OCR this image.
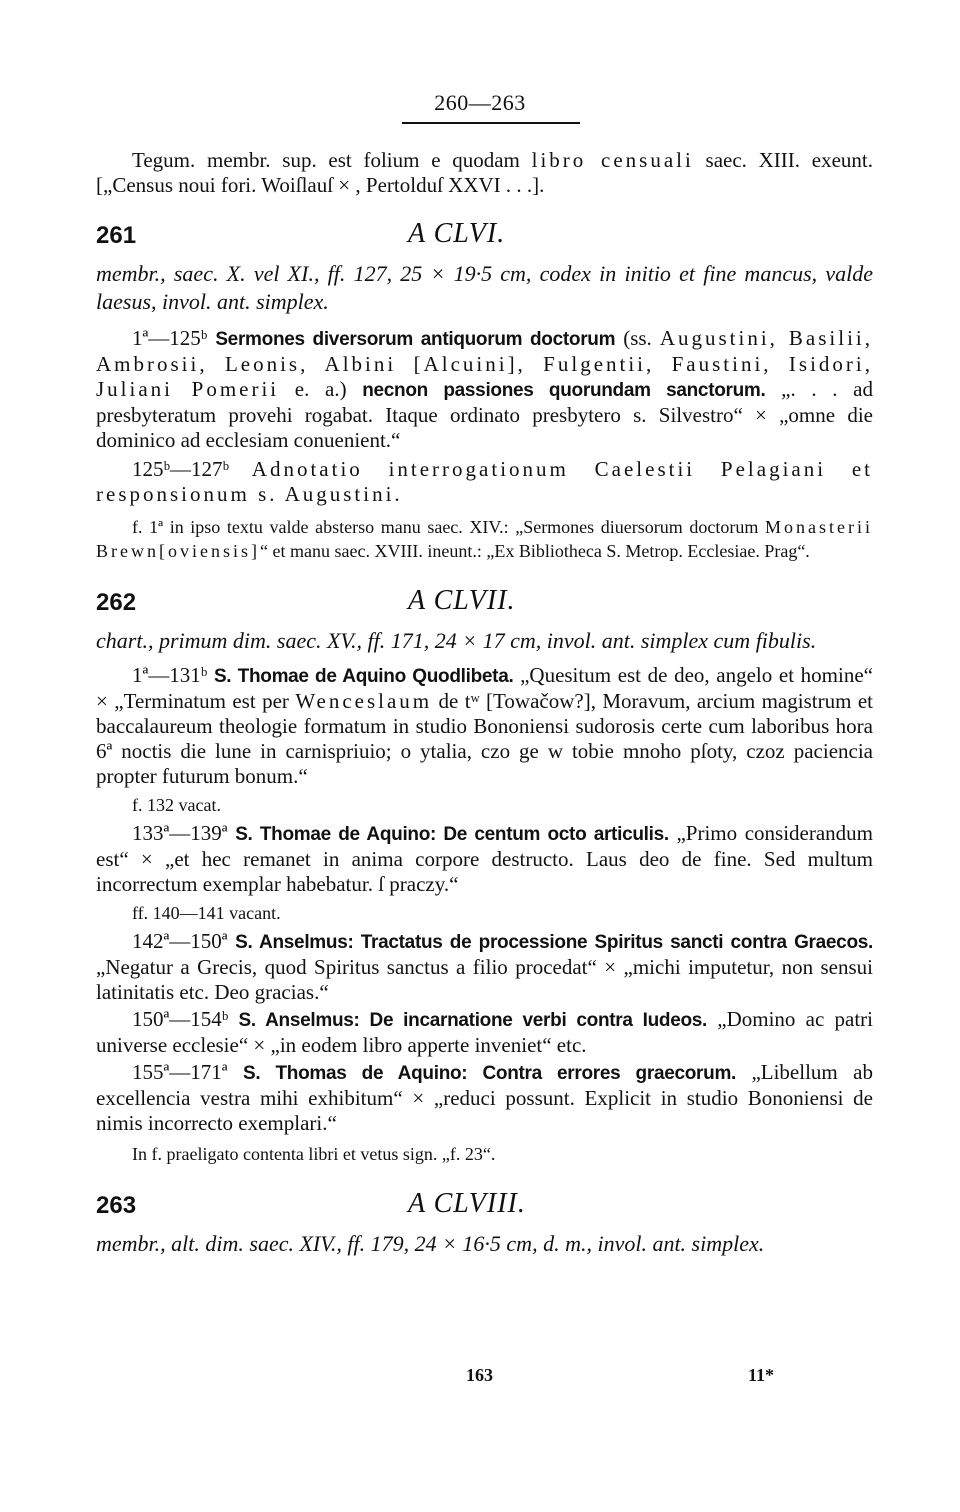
260—263

Tegum. membr. sup. est folium e quodam libro censuali saec. XIII. exeunt. [„Census noui fori. Woiſlauſ × , Pertolduſ XXVI . . .].

261	A CLVI.

membr., saec. X. vel XI., ff. 127, 25 × 19·5 cm, codex in initio et fine mancus, valde laesus, invol. ant. simplex.

1ª—125ᵇ Sermones diversorum antiquorum doctorum (ss. Augustini, Basilii, Ambrosii, Leonis, Albini [Alcuini], Fulgentii, Faustini, Isidori, Juliani Pomerii e. a.) necnon passiones quorundam sanctorum. „. . . ad presbyteratum provehi rogabat. Itaque ordinato presbytero s. Silvestro“ × „omne die dominico ad ecclesiam conuenient.“

125ᵇ—127ᵇ Adnotatio interrogationum Caelestii Pelagiani et responsionum s. Augustini.

f. 1ª in ipso textu valde absterso manu saec. XIV.: „Sermones diuersorum doctorum Monasterii Brewn[oviensis]“ et manu saec. XVIII. ineunt.: „Ex Bibliotheca S. Metrop. Ecclesiae. Prag“.

262	A CLVII.

chart., primum dim. saec. XV., ff. 171, 24 × 17 cm, invol. ant. simplex cum fibulis.

1ª—131ᵇ S. Thomae de Aquino Quodlibeta. „Quesitum est de deo, angelo et homine“ × „Terminatum est per Wenceslaum de tʷ [Towačow?], Moravum, arcium magistrum et baccalaureum theologie formatum in studio Bononiensi sudorosis certe cum laboribus hora 6ª noctis die lune in carnispriuio; o ytalia, czo ge w tobie mnoho pſoty, czoz paciencia propter futurum bonum.“

f. 132 vacat.

133ª—139ª S. Thomae de Aquino: De centum octo articulis. „Primo considerandum est“ × „et hec remanet in anima corpore destructo. Laus deo de fine. Sed multum incorrectum exemplar habebatur. ſ praczy.“

ff. 140—141 vacant.

142ª—150ª S. Anselmus: Tractatus de processione Spiritus sancti contra Graecos. „Negatur a Grecis, quod Spiritus sanctus a filio procedat“ × „michi imputetur, non sensui latinitatis etc. Deo gracias.“

150ª—154ᵇ S. Anselmus: De incarnatione verbi contra Iudeos. „Domino ac patri universe ecclesie“ × „in eodem libro apperte inveniet“ etc.

155ª—171ª S. Thomas de Aquino: Contra errores graecorum. „Libellum ab excellencia vestra mihi exhibitum“ × „reduci possunt. Explicit in studio Bononiensi de nimis incorrecto exemplari.“

In f. praeligato contenta libri et vetus sign. „f. 23“.

263	A CLVIII.

membr., alt. dim. saec. XIV., ff. 179, 24 × 16·5 cm, d. m., invol. ant. simplex.

163	11*
